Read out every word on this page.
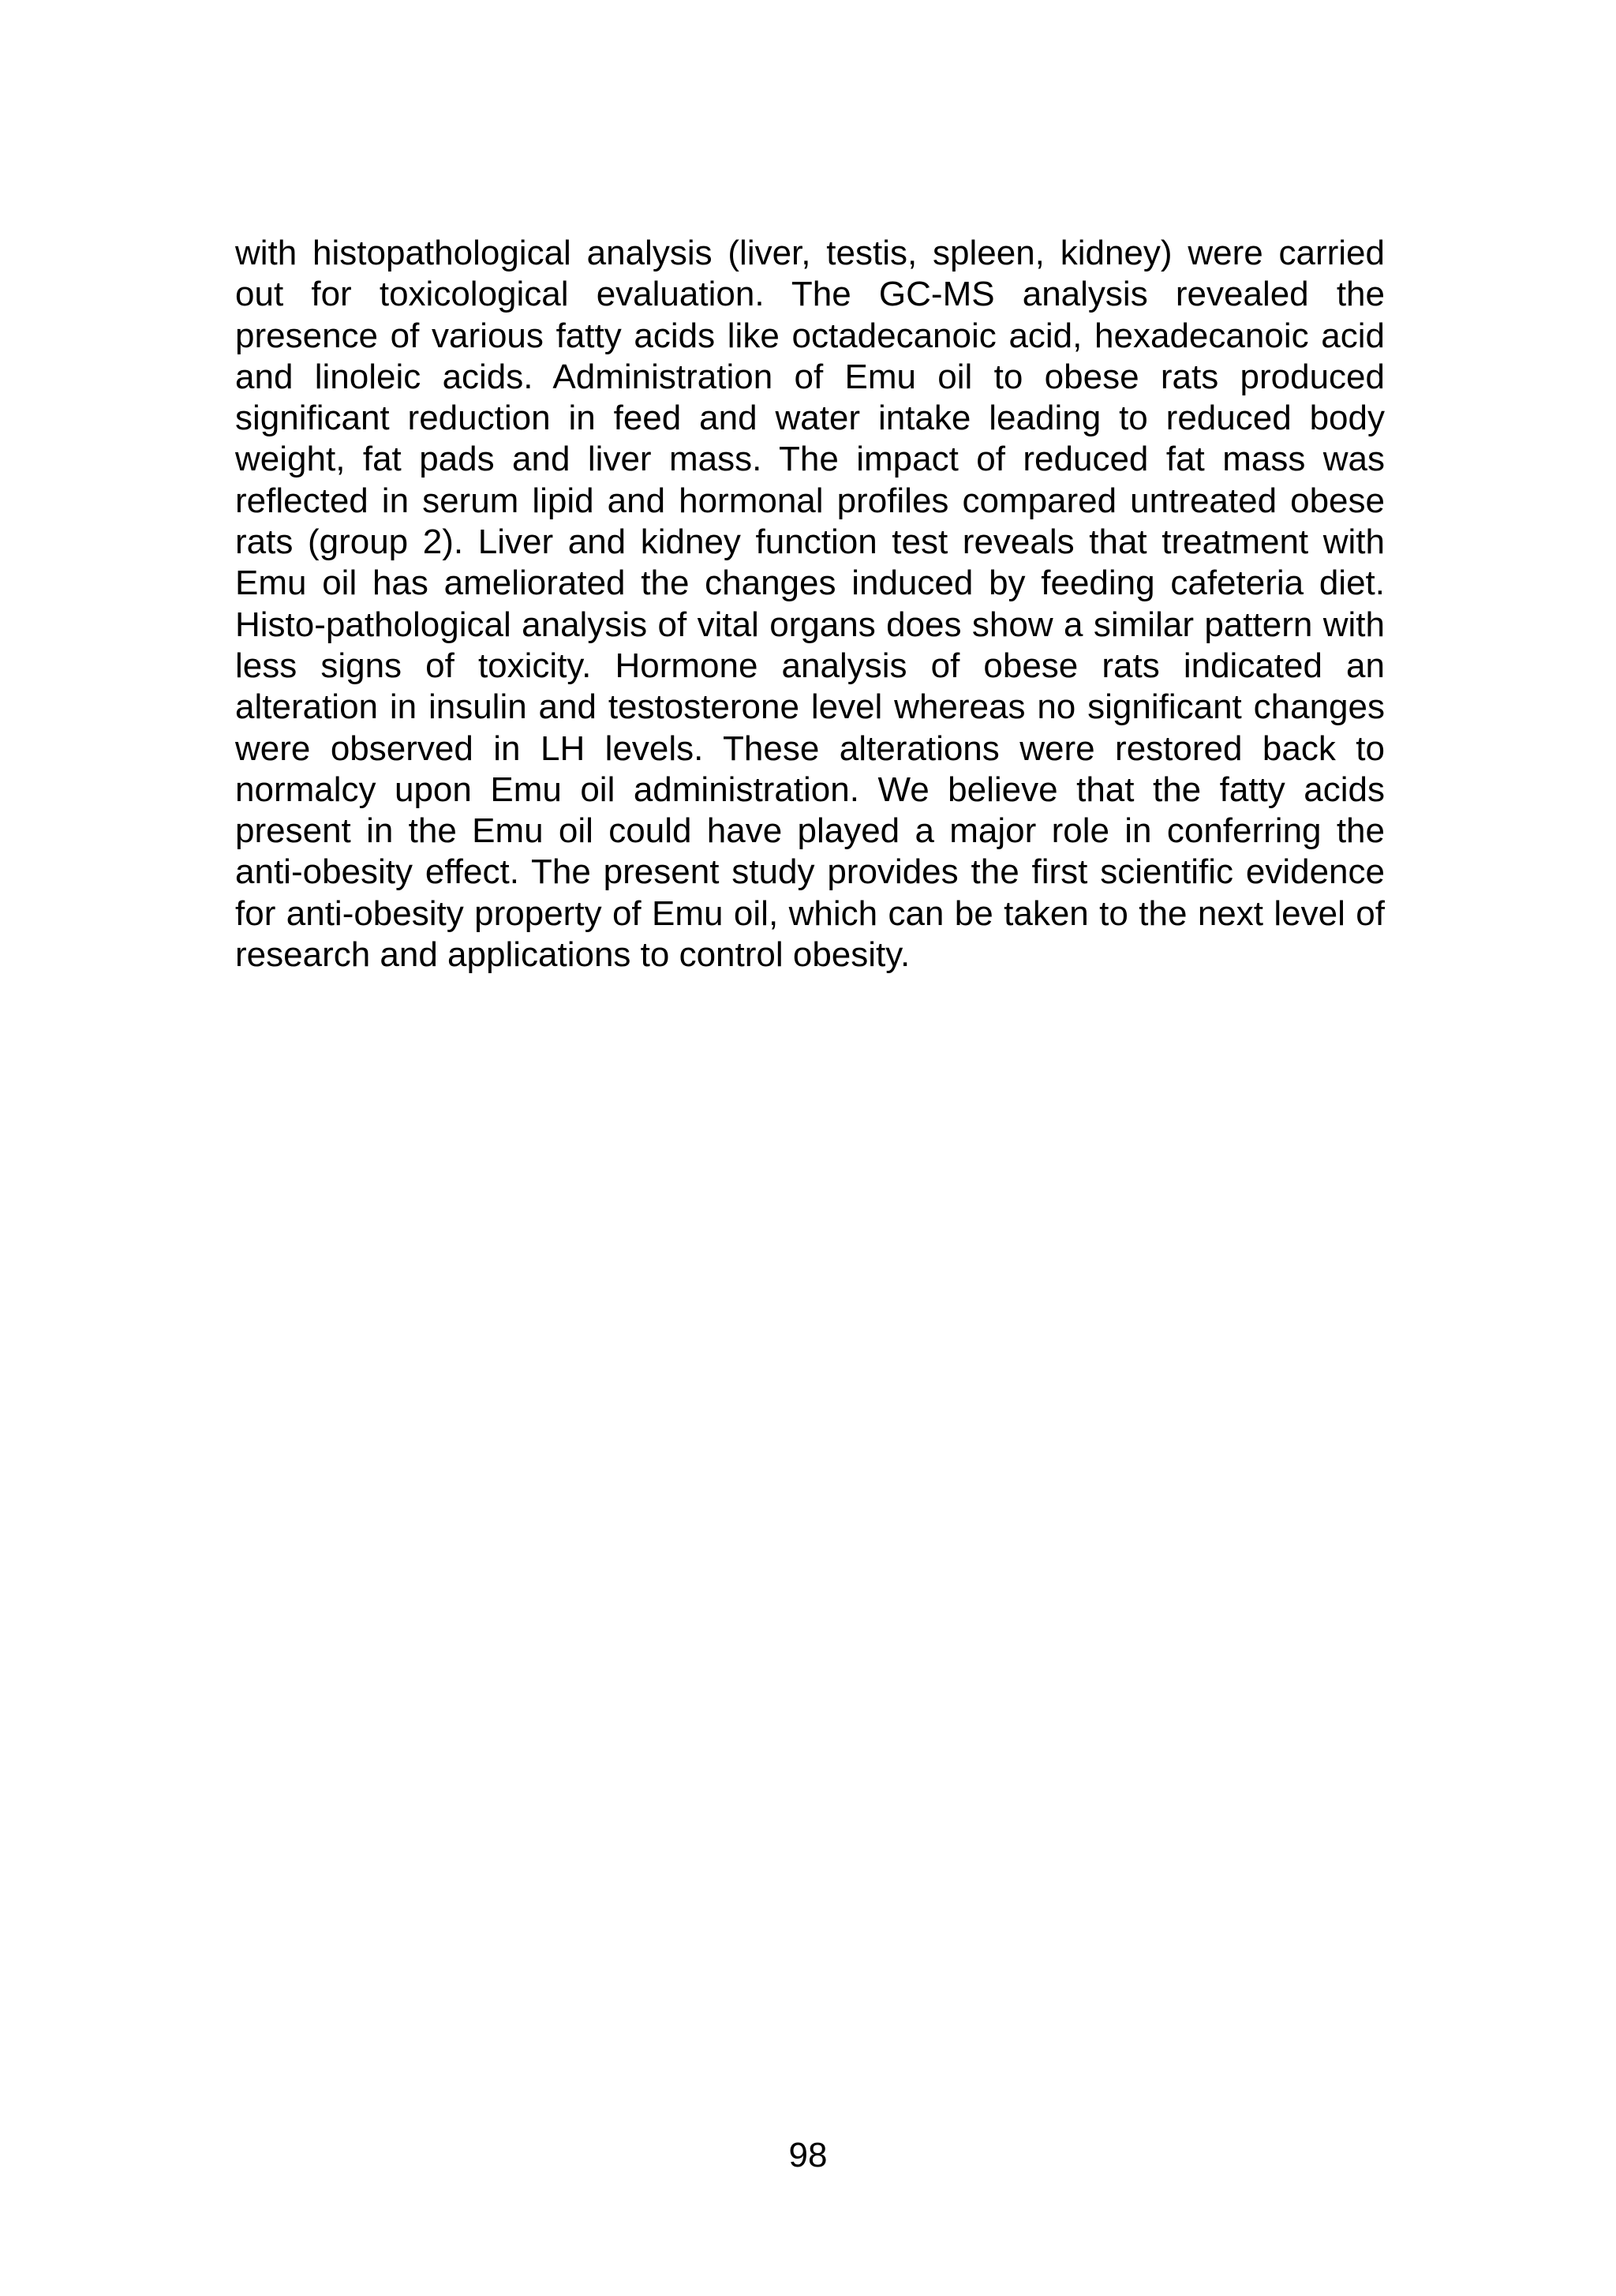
with histopathological analysis (liver, testis, spleen, kidney) were carried out for toxicological evaluation. The GC-MS analysis revealed the presence of various fatty acids like octadecanoic acid, hexadecanoic acid and linoleic acids. Administration of Emu oil to obese rats produced significant reduction in feed and water intake leading to reduced body weight, fat pads and liver mass. The impact of reduced fat mass was reflected in serum lipid and hormonal profiles compared untreated obese rats (group 2). Liver and kidney function test reveals that treatment with Emu oil has ameliorated the changes induced by feeding cafeteria diet. Histo-pathological analysis of vital organs does show a similar pattern with less signs of toxicity. Hormone analysis of obese rats indicated an alteration in insulin and testosterone level whereas no significant changes were observed in LH levels. These alterations were restored back to normalcy upon Emu oil administration. We believe that the fatty acids present in the Emu oil could have played a major role in conferring the anti-obesity effect. The present study provides the first scientific evidence for anti-obesity property of Emu oil, which can be taken to the next level of research and applications to control obesity.

98
